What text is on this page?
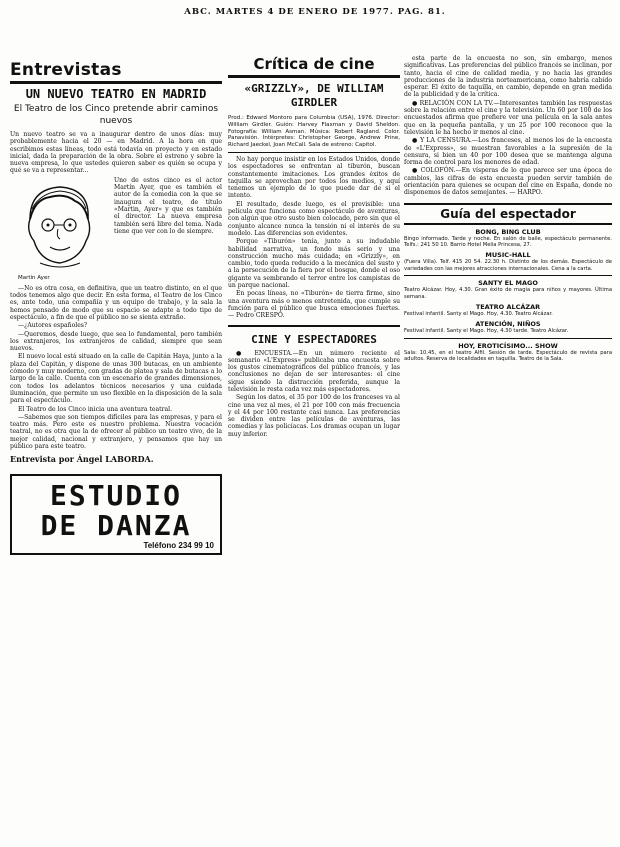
ABC. MARTES 4 DE ENERO DE 1977. PAG. 81.
Entrevistas
UN NUEVO TEATRO EN MADRID
El Teatro de los Cinco pretende abrir caminos nuevos
Un nuevo teatro se va a inaugurar dentro de unos días: muy probablemente hacia el 20 — en Madrid. A la hora en que escribimos estas líneas, todo está todavía en proyecto y en estado inicial, dada la preparación de la obra. Sobre el estreno y sobre la nueva empresa, lo que ustedes quieren saber es quién se ocupa y qué se va a representar...
Martín Ayer
Uno de estos cinco es el actor Martín Ayer, que es también el autor de la comedia con la que se inaugura el teatro, de título «Martin, Ayer» y que es también el director. La nueva empresa también será libre del tema. Nada tiene que ver con lo de siempre.

—No es otra cosa, en definitiva, que un teatro distinto, en el que todos tenemos algo que decir. En esta forma, el Teatro de los Cinco es, ante todo, una compañía y un equipo de trabajo, y la sala la hemos pensado de modo que su espacio se adapte a todo tipo de espectáculo, a fin de que el público no se sienta extraño.

—¿Autores españoles?

—Queremos, desde luego, que sea lo fundamental, pero también los extranjeros, los extranjeros de calidad, siempre que sean nuevos.

El nuevo local está situado en la calle de Capitán Haya, junto a la plaza del Capitán, y dispone de unas 300 butacas, en un ambiente cómodo y muy moderno, con gradas de platea y sala de butacas a lo largo de la calle. Cuenta con un escenario de grandes dimensiones, con todos los adelantos técnicos necesarios y una cuidada iluminación, que permite un uso flexible en la disposición de la sala para el espectáculo.

El Teatro de los Cinco inicia una aventura teatral.

—Sabemos que son tiempos difíciles para las empresas, y para el teatro más. Pero este es nuestro problema. Nuestra vocación teatral, no es otra que la de ofrecer al público un teatro vivo, de la mejor calidad, nacional y extranjero, y pensamos que hay un público para este teatro.

Entrevista por Ángel LABORDA.
ESTUDIO
DE DANZA
Teléfono 234 99 10
Crítica de cine
«GRIZZLY», DE WILLIAM GIRDLER
Prod.: Edward Montoro para Columbia (USA), 1976. Director: William Girdler. Guión: Harvey Flaxman y David Sheldon. Fotografía: William Asman. Música: Robert Ragland. Color. Panavisión. Intérpretes: Christopher George, Andrew Prine, Richard Jaeckel, Joan McCall. Sala de estreno: Capitol.

No hay porque insistir en los Estados Unidos, donde los espectadores se enfrentan al tiburón, buscan constantemente imitaciones. Los grandes éxitos de taquilla se aprovechan por todos los medios, y aquí tenemos un ejemplo de lo que puede dar de sí el intento.

El resultado, desde luego, es el previsible: una película que funciona como espectáculo de aventuras, con algún que otro susto bien colocado, pero sin que el conjunto alcance nunca la tensión ni el interés de su modelo. Las diferencias son evidentes.

Porque «Tiburón» tenía, junto a su indudable habilidad narrativa, un fondo más serio y una construcción mucho más cuidada; en «Grizzly», en cambio, todo queda reducido a la mecánica del susto y a la persecución de la fiera por el bosque, donde el oso gigante va sembrando el terror entre los campistas de un parque nacional.

En pocas líneas, no «Tiburón» de tierra firme, sino una aventura más o menos entretenida, que cumple su función para el público que busca emociones fuertes. — Pedro CRESPO.

CINE Y ESPECTADORES

● ENCUESTA.—En un número reciente el semanario «L'Express» publicaba una encuesta sobre los gustos cinematográficos del público francés, y las conclusiones no dejan de ser interesantes: el cine sigue siendo la distracción preferida, aunque la televisión le resta cada vez más espectadores.

Según los datos, el 35 por 100 de los franceses va al cine una vez al mes, el 21 por 100 con más frecuencia y el 44 por 100 restante casi nunca. Las preferencias se dividen entre las películas de aventuras, las comedias y las policíacas. Los dramas ocupan un lugar muy inferior.

esta parte de la encuesta no son, sin embargo, menos significativas. Las preferencias del público francés se inclinan, por tanto, hacia el cine de calidad media, y no hacia las grandes producciones de la industria norteamericana, como habría cabido esperar. El éxito de taquilla, en cambio, depende en gran medida de la publicidad y de la crítica.

● RELACIÓN CON LA TV.—Interesantes también las respuestas sobre la relación entre el cine y la televisión. Un 60 por 100 de los encuestados afirma que prefiere ver una película en la sala antes que en la pequeña pantalla, y un 25 por 100 reconoce que la televisión le ha hecho ir menos al cine.

● Y LA CENSURA.—Los franceses, al menos los de la encuesta de «L'Express», se muestran favorables a la supresión de la censura, si bien un 40 por 100 desea que se mantenga alguna forma de control para los menores de edad.

● COLOFÓN.—En vísperas de lo que parece ser una época de cambios, las cifras de esta encuesta pueden servir también de orientación para quienes se ocupan del cine en España, donde no disponemos de datos semejantes. — HARPO.

Guía del espectador
BONG, BING CLUB
Bingo informado. Tarde y noche. En salón de baile, espectáculo permanente. Telfs.: 241 50 10. Barrio Hotel Melia Princesa, 27.
MUSIC-HALL
(Fuera Villa). Telf. 415 20 54. 22.30 h. Distinto de los demás. Espectáculo de variedades con las mejores atracciones internacionales. Cena a la carta.
SANTY EL MAGO
Teatro Alcázar. Hoy, 4.30. Gran éxito de magia para niños y mayores. Última semana.
TEATRO ALCÁZAR
Festival infantil. Santy el Mago. Hoy, 4.30. Teatro Alcázar.
ATENCIÓN, NIÑOS
Festival infantil. Santy el Mago. Hoy, 4.30 tarde. Teatro Alcázar.
HOY, EROTICÍSIMO... SHOW
Sala: 10.45, en el teatro Alfil. Sesión de tarde. Espectáculo de revista para adultos. Reserva de localidades en taquilla. Teatro de la Sala.
